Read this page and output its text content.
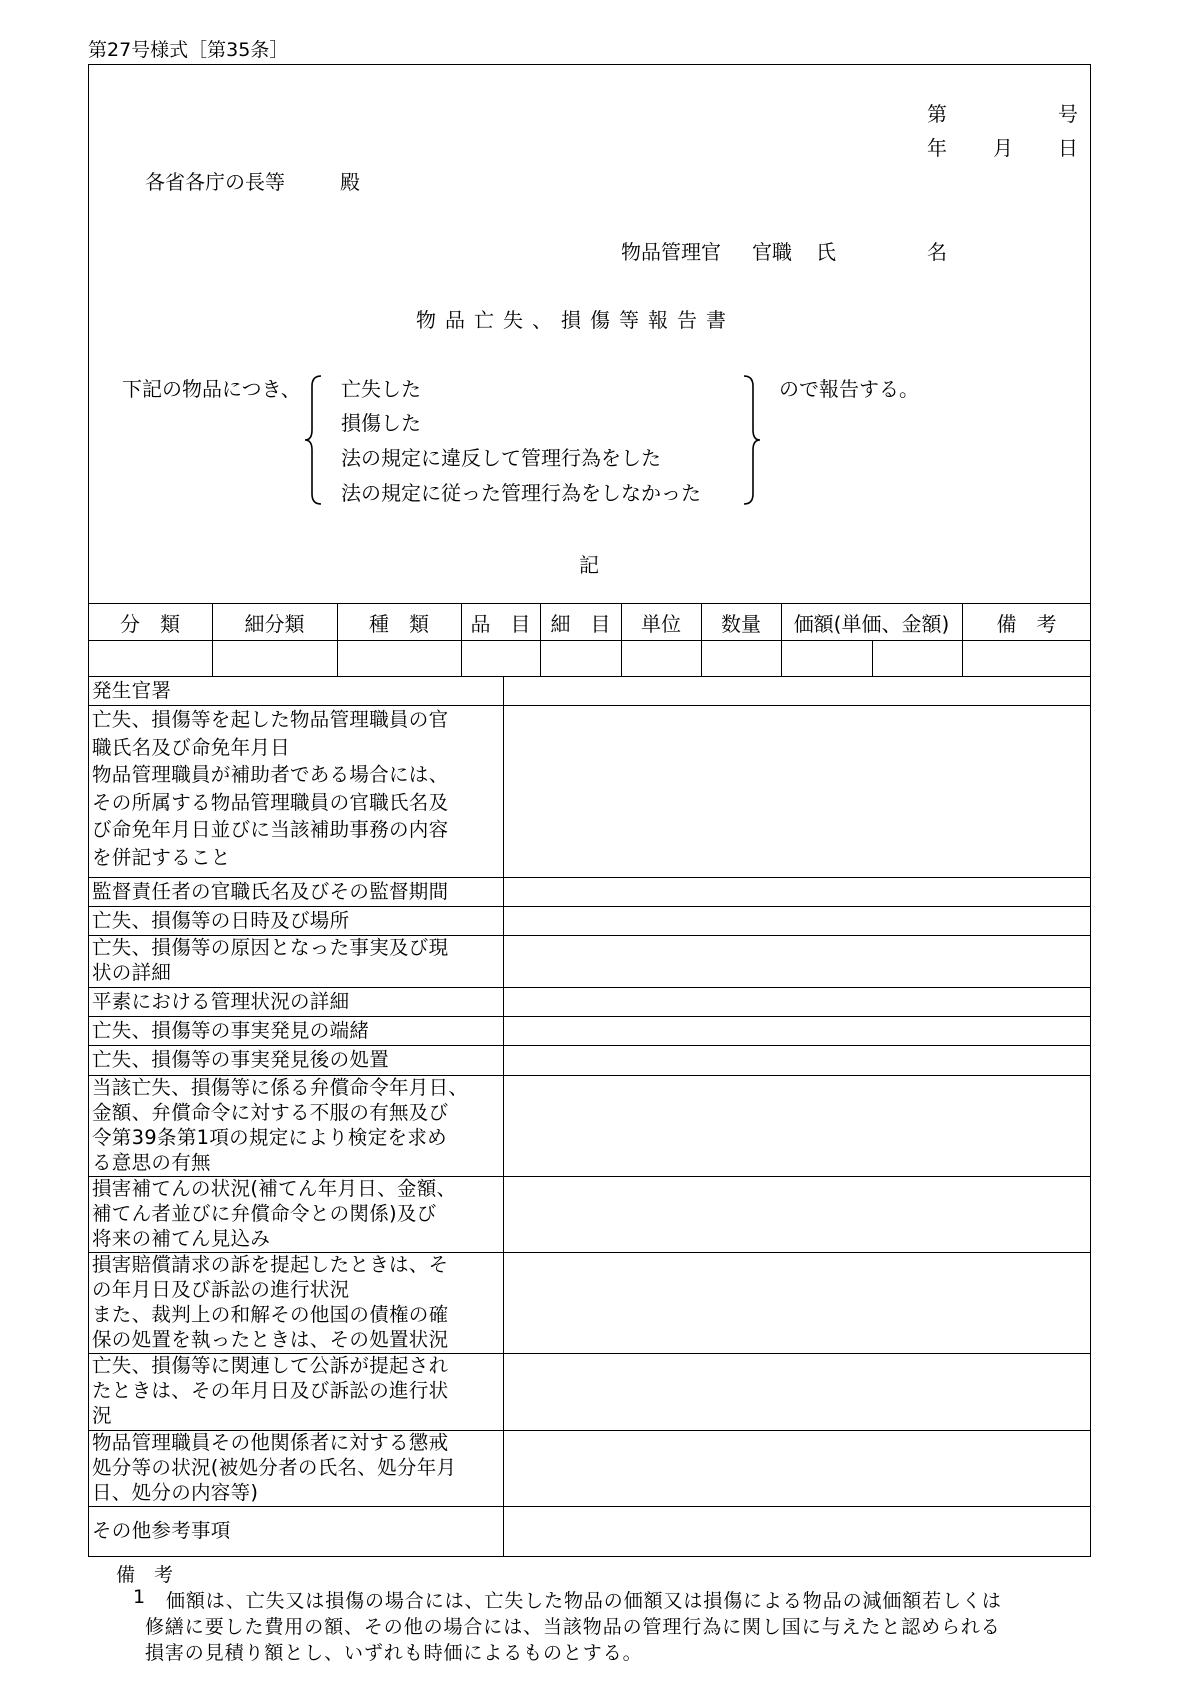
第27号様式［第35条］
第	号
年 月 日
各省各庁の長等	殿
物品管理官 官職 氏	名
物品亡失、損傷等報告書
下記の物品につき、 亡失した
損傷した
法の規定に違反して管理行為をした
法の規定に従った管理行為をしなかった
ので報告する。
記
分　類	細分類	種　類	品　目	細　目	単位	数量	価額(単価、金額)	備　考
発生官署
亡失、損傷等を起した物品管理職員の官
職氏名及び命免年月日
物品管理職員が補助者である場合には、
その所属する物品管理職員の官職氏名及
び命免年月日並びに当該補助事務の内容
を併記すること
監督責任者の官職氏名及びその監督期間
亡失、損傷等の日時及び場所
亡失、損傷等の原因となった事実及び現
状の詳細
平素における管理状況の詳細
亡失、損傷等の事実発見の端緒
亡失、損傷等の事実発見後の処置
当該亡失、損傷等に係る弁償命令年月日、
金額、弁償命令に対する不服の有無及び
令第39条第1項の規定により検定を求め
る意思の有無
損害補てんの状況(補てん年月日、金額、
補てん者並びに弁償命令との関係)及び
将来の補てん見込み
損害賠償請求の訴を提起したときは、そ
の年月日及び訴訟の進行状況
また、裁判上の和解その他国の債権の確
保の処置を執ったときは、その処置状況
亡失、損傷等に関連して公訴が提起され
たときは、その年月日及び訴訟の進行状
況
物品管理職員その他関係者に対する懲戒
処分等の状況(被処分者の氏名、処分年月
日、処分の内容等)
その他参考事項
備　考
1 価額は、亡失又は損傷の場合には、亡失した物品の価額又は損傷による物品の減価額若しくは
修繕に要した費用の額、その他の場合には、当該物品の管理行為に関し国に与えたと認められる
損害の見積り額とし、いずれも時価によるものとする。
